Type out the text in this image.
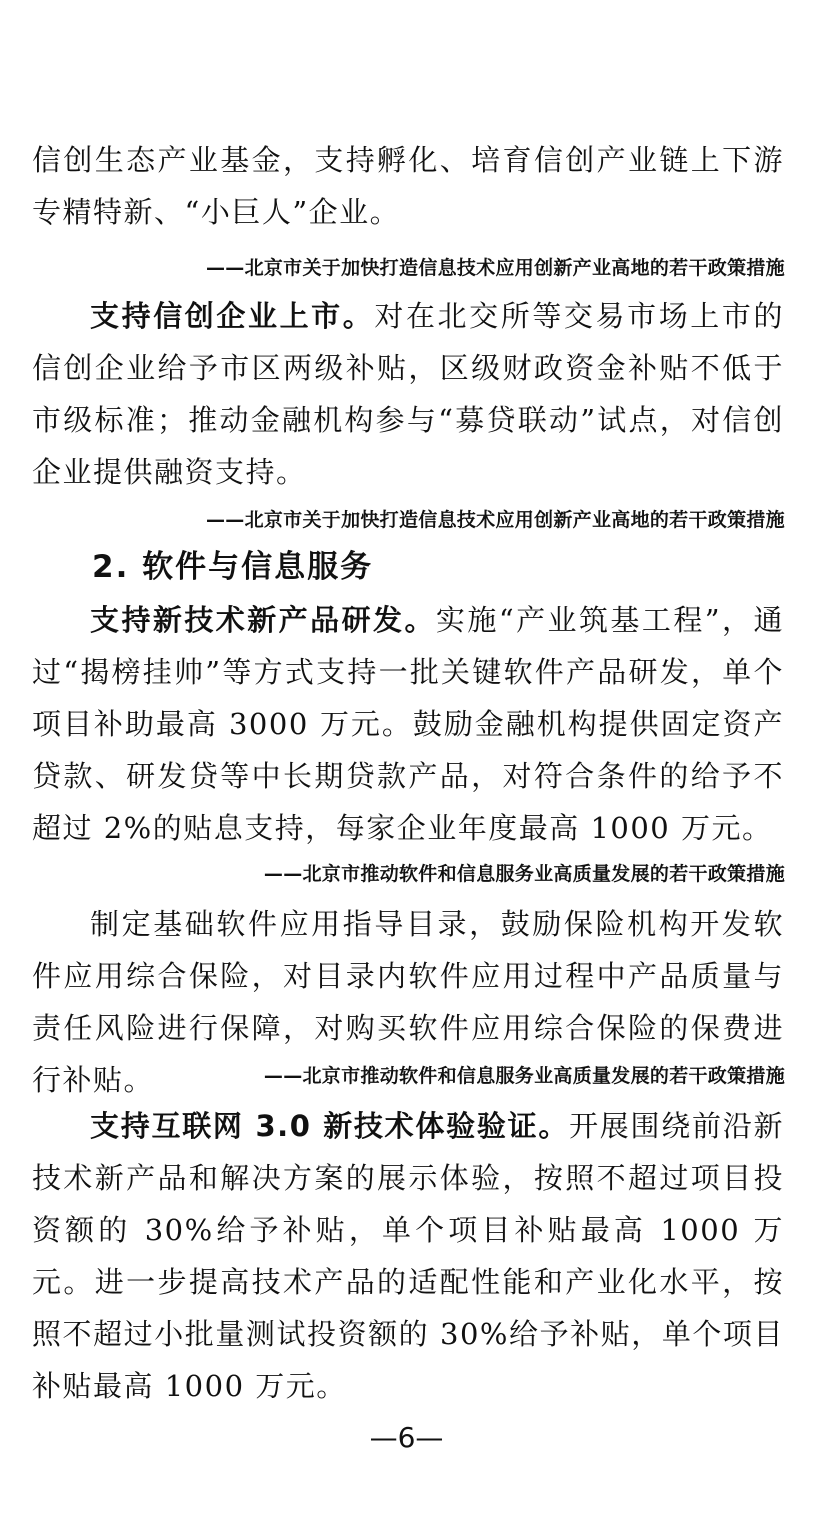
信创生态产业基金，支持孵化、培育信创产业链上下游专精特新、“小巨人”企业。

——北京市关于加快打造信息技术应用创新产业高地的若干政策措施

支持信创企业上市。对在北交所等交易市场上市的信创企业给予市区两级补贴，区级财政资金补贴不低于市级标准；推动金融机构参与“募贷联动”试点，对信创企业提供融资支持。

——北京市关于加快打造信息技术应用创新产业高地的若干政策措施

2. 软件与信息服务

支持新技术新产品研发。实施“产业筑基工程”，通过“揭榜挂帅”等方式支持一批关键软件产品研发，单个项目补助最高 3000 万元。鼓励金融机构提供固定资产贷款、研发贷等中长期贷款产品，对符合条件的给予不超过 2%的贴息支持，每家企业年度最高 1000 万元。

——北京市推动软件和信息服务业高质量发展的若干政策措施

制定基础软件应用指导目录，鼓励保险机构开发软件应用综合保险，对目录内软件应用过程中产品质量与责任风险进行保障，对购买软件应用综合保险的保费进行补贴。	——北京市推动软件和信息服务业高质量发展的若干政策措施

支持互联网 3.0 新技术体验验证。开展围绕前沿新技术新产品和解决方案的展示体验，按照不超过项目投资额的 30%给予补贴，单个项目补贴最高 1000 万元。进一步提高技术产品的适配性能和产业化水平，按照不超过小批量测试投资额的 30%给予补贴，单个项目补贴最高 1000 万元。

—6—
